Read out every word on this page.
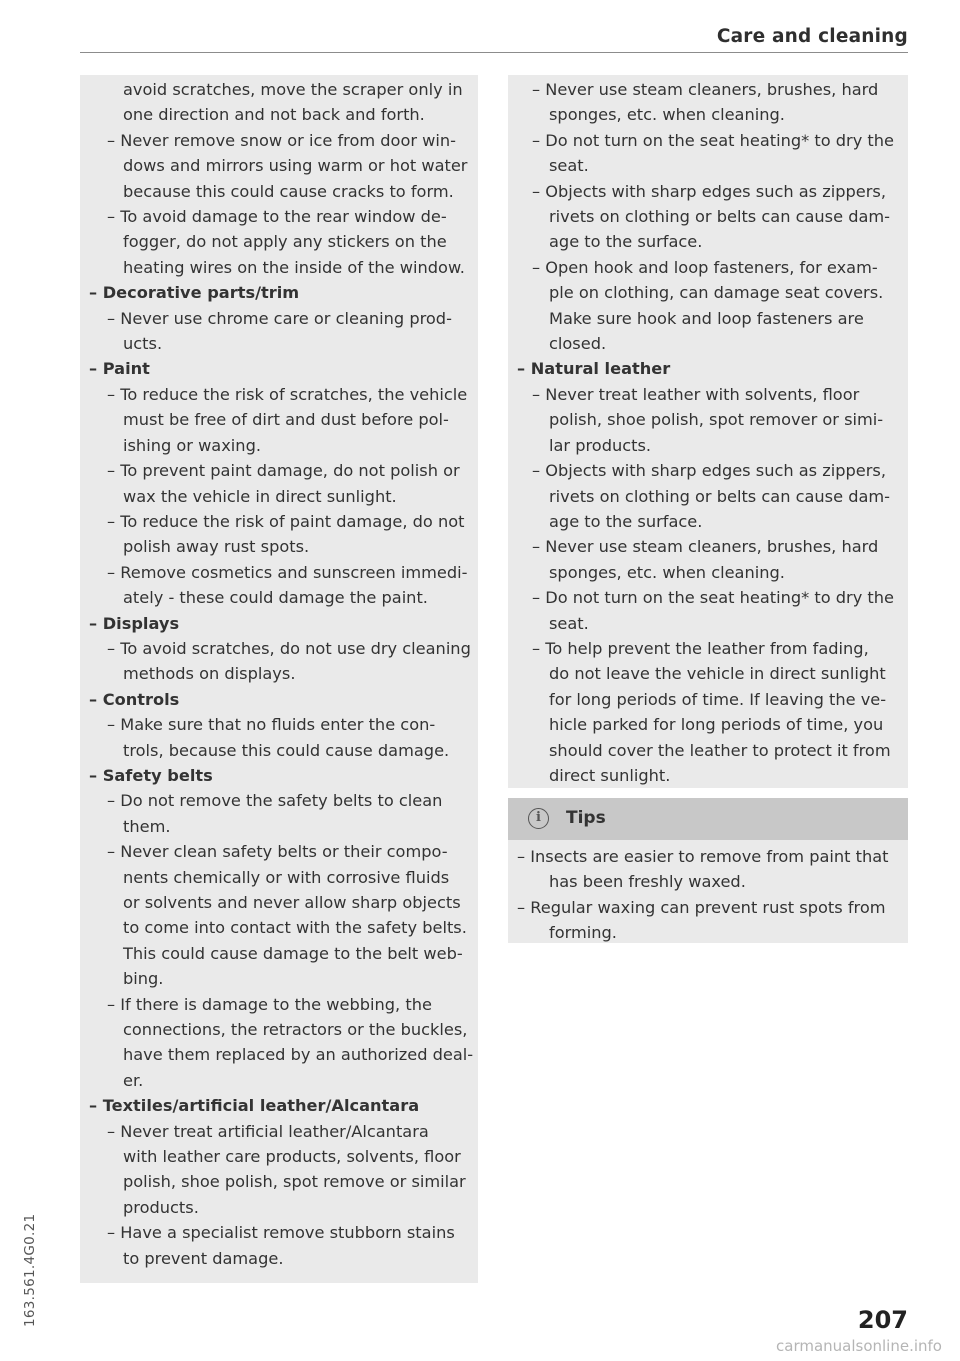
Care and cleaning
avoid scratches, move the scraper only in
one direction and not back and forth.
– Never remove snow or ice from door win-
dows and mirrors using warm or hot water
because this could cause cracks to form.
– To avoid damage to the rear window de-
fogger, do not apply any stickers on the
heating wires on the inside of the window.
– Decorative parts/trim
– Never use chrome care or cleaning prod-
ucts.
– Paint
– To reduce the risk of scratches, the vehicle
must be free of dirt and dust before pol-
ishing or waxing.
– To prevent paint damage, do not polish or
wax the vehicle in direct sunlight.
– To reduce the risk of paint damage, do not
polish away rust spots.
– Remove cosmetics and sunscreen immedi-
ately - these could damage the paint.
– Displays
– To avoid scratches, do not use dry cleaning
methods on displays.
– Controls
– Make sure that no fluids enter the con-
trols, because this could cause damage.
– Safety belts
– Do not remove the safety belts to clean
them.
– Never clean safety belts or their compo-
nents chemically or with corrosive fluids
or solvents and never allow sharp objects
to come into contact with the safety belts.
This could cause damage to the belt web-
bing.
– If there is damage to the webbing, the
connections, the retractors or the buckles,
have them replaced by an authorized deal-
er.
– Textiles/artificial leather/Alcantara
– Never treat artificial leather/Alcantara
with leather care products, solvents, floor
polish, shoe polish, spot remove or similar
products.
– Have a specialist remove stubborn stains
to prevent damage.
– Never use steam cleaners, brushes, hard
sponges, etc. when cleaning.
– Do not turn on the seat heating* to dry the
seat.
– Objects with sharp edges such as zippers,
rivets on clothing or belts can cause dam-
age to the surface.
– Open hook and loop fasteners, for exam-
ple on clothing, can damage seat covers.
Make sure hook and loop fasteners are
closed.
– Natural leather
– Never treat leather with solvents, floor
polish, shoe polish, spot remover or simi-
lar products.
– Objects with sharp edges such as zippers,
rivets on clothing or belts can cause dam-
age to the surface.
– Never use steam cleaners, brushes, hard
sponges, etc. when cleaning.
– Do not turn on the seat heating* to dry the
seat.
– To help prevent the leather from fading,
do not leave the vehicle in direct sunlight
for long periods of time. If leaving the ve-
hicle parked for long periods of time, you
should cover the leather to protect it from
direct sunlight.
i	Tips
– Insects are easier to remove from paint that
has been freshly waxed.
– Regular waxing can prevent rust spots from
forming.
163.561.4G0.21	207
carmanualsonline.info
